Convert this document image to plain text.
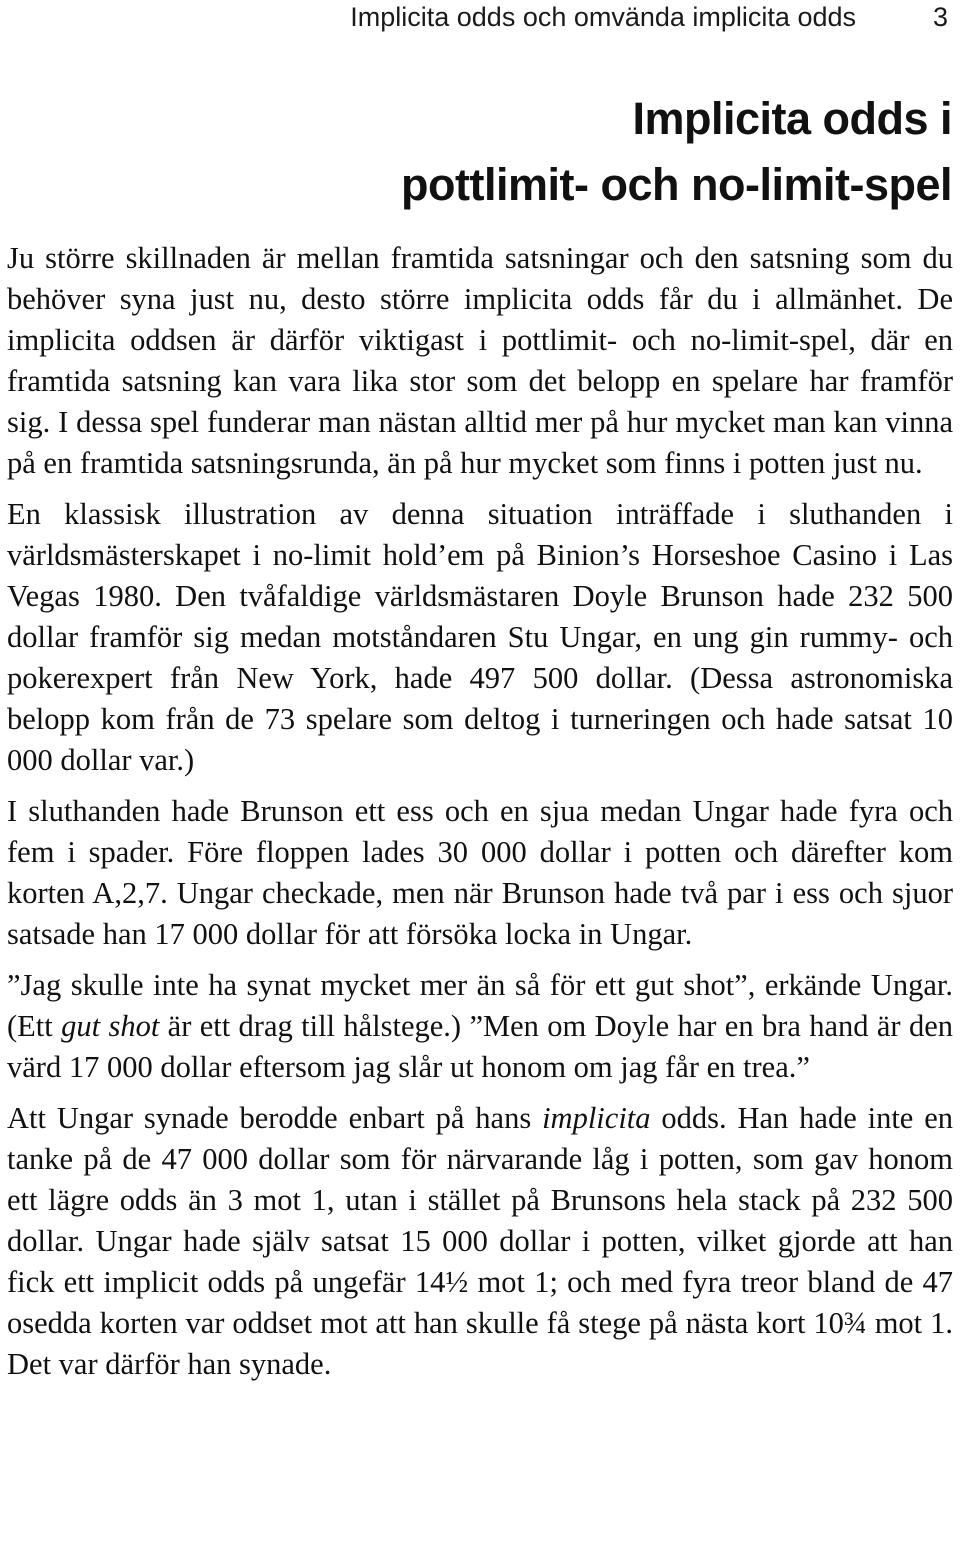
Implicita odds och omvända implicita odds	3
Implicita odds i
pottlimit- och no-limit-spel

Ju större skillnaden är mellan framtida satsningar och den satsning som du behöver syna just nu, desto större implicita odds får du i allmänhet. De implicita oddsen är därför viktigast i pottlimit- och no-limit-spel, där en framtida satsning kan vara lika stor som det belopp en spelare har framför sig. I dessa spel funderar man nästan alltid mer på hur mycket man kan vinna på en framtida satsningsrunda, än på hur mycket som finns i potten just nu.

En klassisk illustration av denna situation inträffade i sluthanden i världsmästerskapet i no-limit hold’em på Binion’s Horseshoe Casino i Las Vegas 1980. Den tvåfaldige världsmästaren Doyle Brunson hade 232 500 dollar framför sig medan motståndaren Stu Ungar, en ung gin rummy- och pokerexpert från New York, hade 497 500 dollar. (Dessa astronomiska belopp kom från de 73 spelare som deltog i turneringen och hade satsat 10 000 dollar var.)

I sluthanden hade Brunson ett ess och en sjua medan Ungar hade fyra och fem i spader. Före floppen lades 30 000 dollar i potten och därefter kom korten A,2,7. Ungar checkade, men när Brunson hade två par i ess och sjuor satsade han 17 000 dollar för att försöka locka in Ungar.

”Jag skulle inte ha synat mycket mer än så för ett gut shot”, erkände Ungar. (Ett gut shot är ett drag till hålstege.) ”Men om Doyle har en bra hand är den värd 17 000 dollar eftersom jag slår ut honom om jag får en trea.”

Att Ungar synade berodde enbart på hans implicita odds. Han hade inte en tanke på de 47 000 dollar som för närvarande låg i potten, som gav honom ett lägre odds än 3 mot 1, utan i stället på Brunsons hela stack på 232 500 dollar. Ungar hade själv satsat 15 000 dollar i potten, vilket gjorde att han fick ett implicit odds på ungefär 14½ mot 1; och med fyra treor bland de 47 osedda korten var oddset mot att han skulle få stege på nästa kort 10¾ mot 1. Det var därför han synade.
